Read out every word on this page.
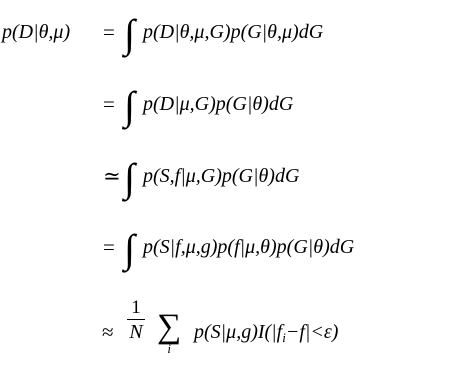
p(D|θ,μ) = ∫ p(D|θ,μ,G)p(G|θ,μ)dG
= ∫ p(D|μ,G)p(G|θ)dG
≃ ∫ p(S,f|μ,G)p(G|θ)dG
= ∫ p(S|f,μ,g)p(f|μ,θ)p(G|θ)dG
≈
1
N ∑
i
$p(S|\mu,g)I(|f_i-f|<\varepsilon)$
